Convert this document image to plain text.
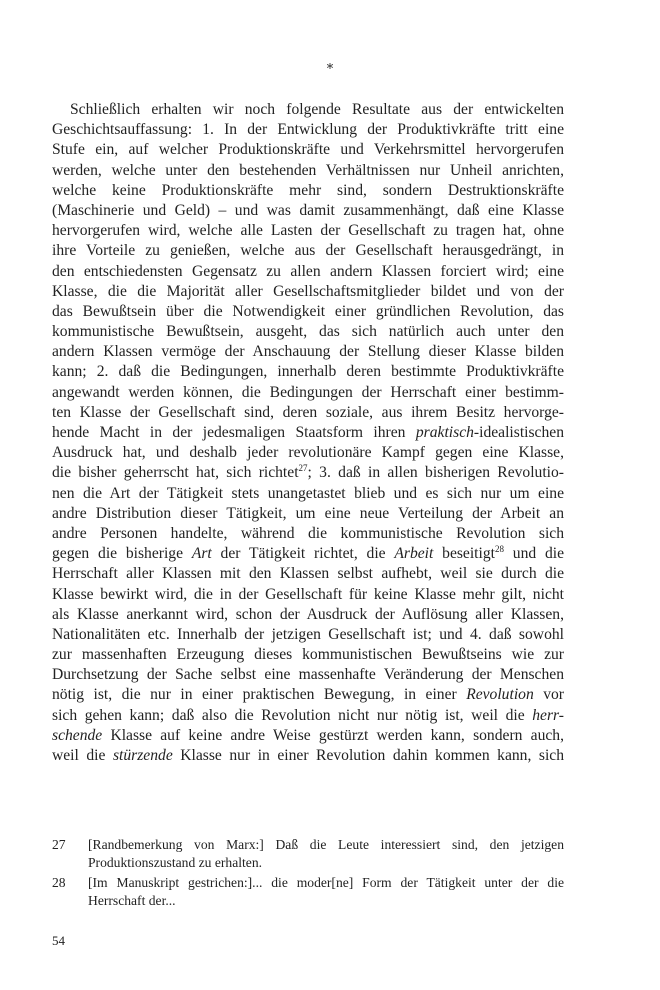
*
Schließlich erhalten wir noch folgende Resultate aus der entwickelten
Geschichtsauffassung: 1. In der Entwicklung der Produktivkräfte tritt eine
Stufe ein, auf welcher Produktionskräfte und Verkehrsmittel hervorgerufen
werden, welche unter den bestehenden Verhältnissen nur Unheil anrichten,
welche keine Produktionskräfte mehr sind, sondern Destruktionskräfte
(Maschinerie und Geld) – und was damit zusammenhängt, daß eine Klasse
hervorgerufen wird, welche alle Lasten der Gesellschaft zu tragen hat, ohne
ihre Vorteile zu genießen, welche aus der Gesellschaft herausgedrängt, in
den entschiedensten Gegensatz zu allen andern Klassen forciert wird; eine
Klasse, die die Majorität aller Gesellschaftsmitglieder bildet und von der
das Bewußtsein über die Notwendigkeit einer gründlichen Revolution, das
kommunistische Bewußtsein, ausgeht, das sich natürlich auch unter den
andern Klassen vermöge der Anschauung der Stellung dieser Klasse bilden
kann; 2. daß die Bedingungen, innerhalb deren bestimmte Produktivkräfte
angewandt werden können, die Bedingungen der Herrschaft einer bestimm-
ten Klasse der Gesellschaft sind, deren soziale, aus ihrem Besitz hervorge-
hende Macht in der jedesmaligen Staatsform ihren praktisch-idealistischen
Ausdruck hat, und deshalb jeder revolutionäre Kampf gegen eine Klasse,
die bisher geherrscht hat, sich richtet$^{27}$; 3. daß in allen bisherigen Revolutio-
nen die Art der Tätigkeit stets unangetastet blieb und es sich nur um eine
andre Distribution dieser Tätigkeit, um eine neue Verteilung der Arbeit an
andre Personen handelte, während die kommunistische Revolution sich
gegen die bisherige Art der Tätigkeit richtet, die Arbeit beseitigt$^{28}$ und die
Herrschaft aller Klassen mit den Klassen selbst aufhebt, weil sie durch die
Klasse bewirkt wird, die in der Gesellschaft für keine Klasse mehr gilt, nicht
als Klasse anerkannt wird, schon der Ausdruck der Auflösung aller Klassen,
Nationalitäten etc. Innerhalb der jetzigen Gesellschaft ist; und 4. daß sowohl
zur massenhaften Erzeugung dieses kommunistischen Bewußtseins wie zur
Durchsetzung der Sache selbst eine massenhafte Veränderung der Menschen
nötig ist, die nur in einer praktischen Bewegung, in einer Revolution vor
sich gehen kann; daß also die Revolution nicht nur nötig ist, weil die herr-
schende Klasse auf keine andre Weise gestürzt werden kann, sondern auch,
weil die stürzende Klasse nur in einer Revolution dahin kommen kann, sich
27 [Randbemerkung von Marx:] Daß die Leute interessiert sind, den jetzigen Produktionszustand zu erhalten.
28 [Im Manuskript gestrichen:]... die moder[ne] Form der Tätigkeit unter der die Herrschaft der...
54
